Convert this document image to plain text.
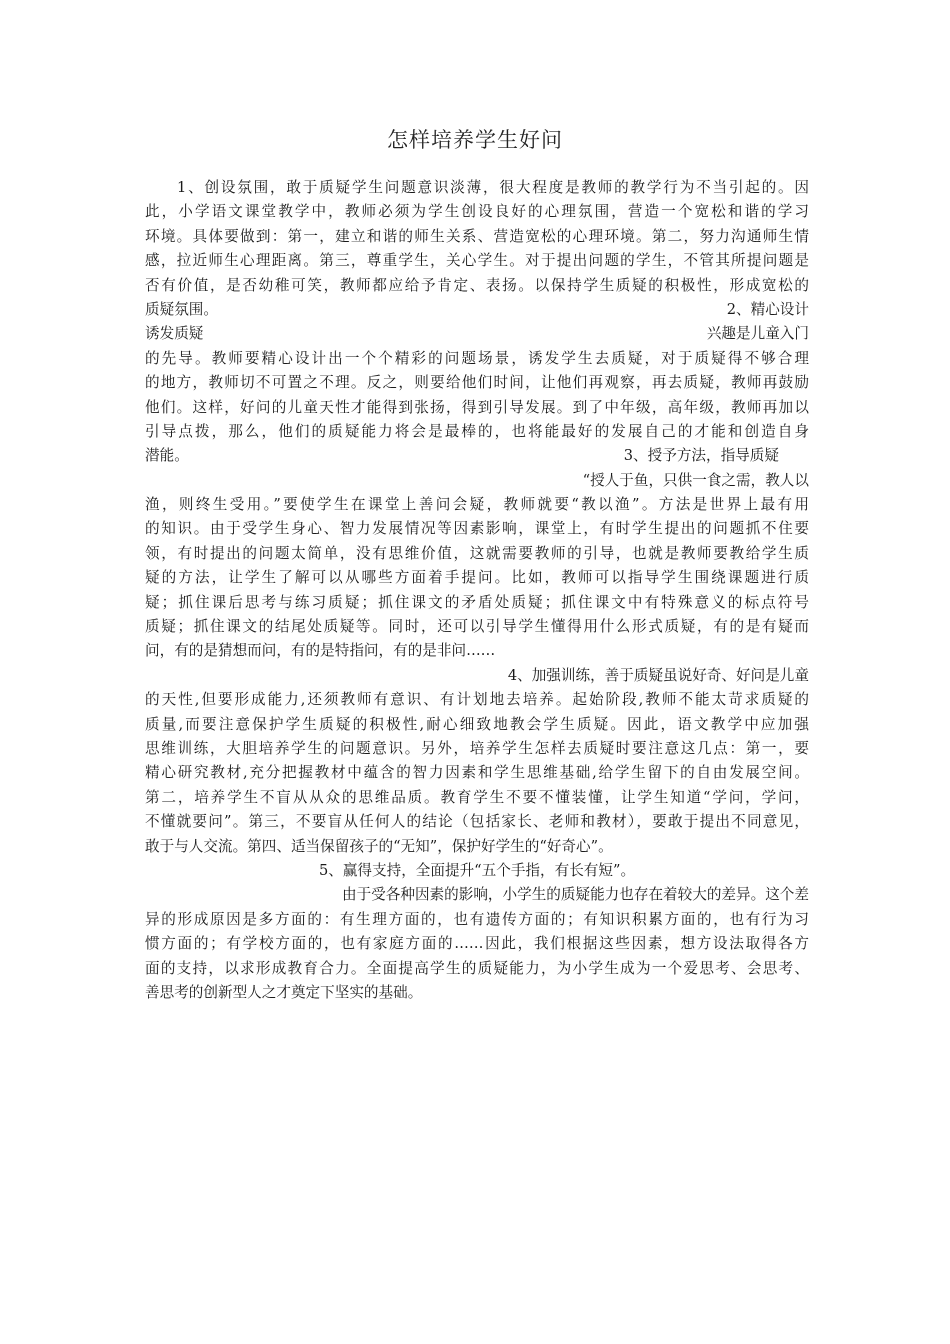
怎样培养学生好问
1、创设氛围，敢于质疑学生问题意识淡薄，很大程度是教师的教学行为不当引起的。因
此，小学语文课堂教学中，教师必须为学生创设良好的心理氛围，营造一个宽松和谐的学习
环境。具体要做到：第一，建立和谐的师生关系、营造宽松的心理环境。第二，努力沟通师生情
感，拉近师生心理距离。第三，尊重学生，关心学生。对于提出问题的学生，不管其所提问题是
否有价值，是否幼稚可笑，教师都应给予肯定、表扬。以保持学生质疑的积极性，形成宽松的
质疑氛围。	2、精心设计
诱发质疑	兴趣是儿童入门
的先导。教师要精心设计出一个个精彩的问题场景，诱发学生去质疑，对于质疑得不够合理
的地方，教师切不可置之不理。反之，则要给他们时间，让他们再观察，再去质疑，教师再鼓励
他们。这样，好问的儿童天性才能得到张扬，得到引导发展。到了中年级，高年级，教师再加以
引导点拨，那么，他们的质疑能力将会是最棒的，也将能最好的发展自己的才能和创造自身
潜能。	3、授予方法，指导质疑
“授人于鱼，只供一食之需，教人以
渔，则终生受用。”要使学生在课堂上善问会疑，教师就要“教以渔”。方法是世界上最有用
的知识。由于受学生身心、智力发展情况等因素影响，课堂上，有时学生提出的问题抓不住要
领，有时提出的问题太简单，没有思维价值，这就需要教师的引导，也就是教师要教给学生质
疑的方法，让学生了解可以从哪些方面着手提问。比如，教师可以指导学生围绕课题进行质
疑；抓住课后思考与练习质疑；抓住课文的矛盾处质疑；抓住课文中有特殊意义的标点符号
质疑；抓住课文的结尾处质疑等。同时，还可以引导学生懂得用什么形式质疑，有的是有疑而
问，有的是猜想而问，有的是特指问，有的是非问……
4、加强训练，善于质疑虽说好奇、好问是儿童
的天性,但要形成能力,还须教师有意识、有计划地去培养。起始阶段,教师不能太苛求质疑的
质量,而要注意保护学生质疑的积极性,耐心细致地教会学生质疑。因此，语文教学中应加强
思维训练，大胆培养学生的问题意识。另外，培养学生怎样去质疑时要注意这几点：第一，要
精心研究教材,充分把握教材中蕴含的智力因素和学生思维基础,给学生留下的自由发展空间。
第二，培养学生不盲从从众的思维品质。教育学生不要不懂装懂，让学生知道“学问，学问，
不懂就要问”。第三，不要盲从任何人的结论（包括家长、老师和教材），要敢于提出不同意见，
敢于与人交流。第四、适当保留孩子的“无知”，保护好学生的“好奇心”。
5、赢得支持，全面提升“五个手指，有长有短”。
由于受各种因素的影响，小学生的质疑能力也存在着较大的差异。这个差
异的形成原因是多方面的：有生理方面的，也有遗传方面的；有知识积累方面的，也有行为习
惯方面的；有学校方面的，也有家庭方面的……因此，我们根据这些因素，想方设法取得各方
面的支持，以求形成教育合力。全面提高学生的质疑能力，为小学生成为一个爱思考、会思考、
善思考的创新型人之才奠定下坚实的基础。
